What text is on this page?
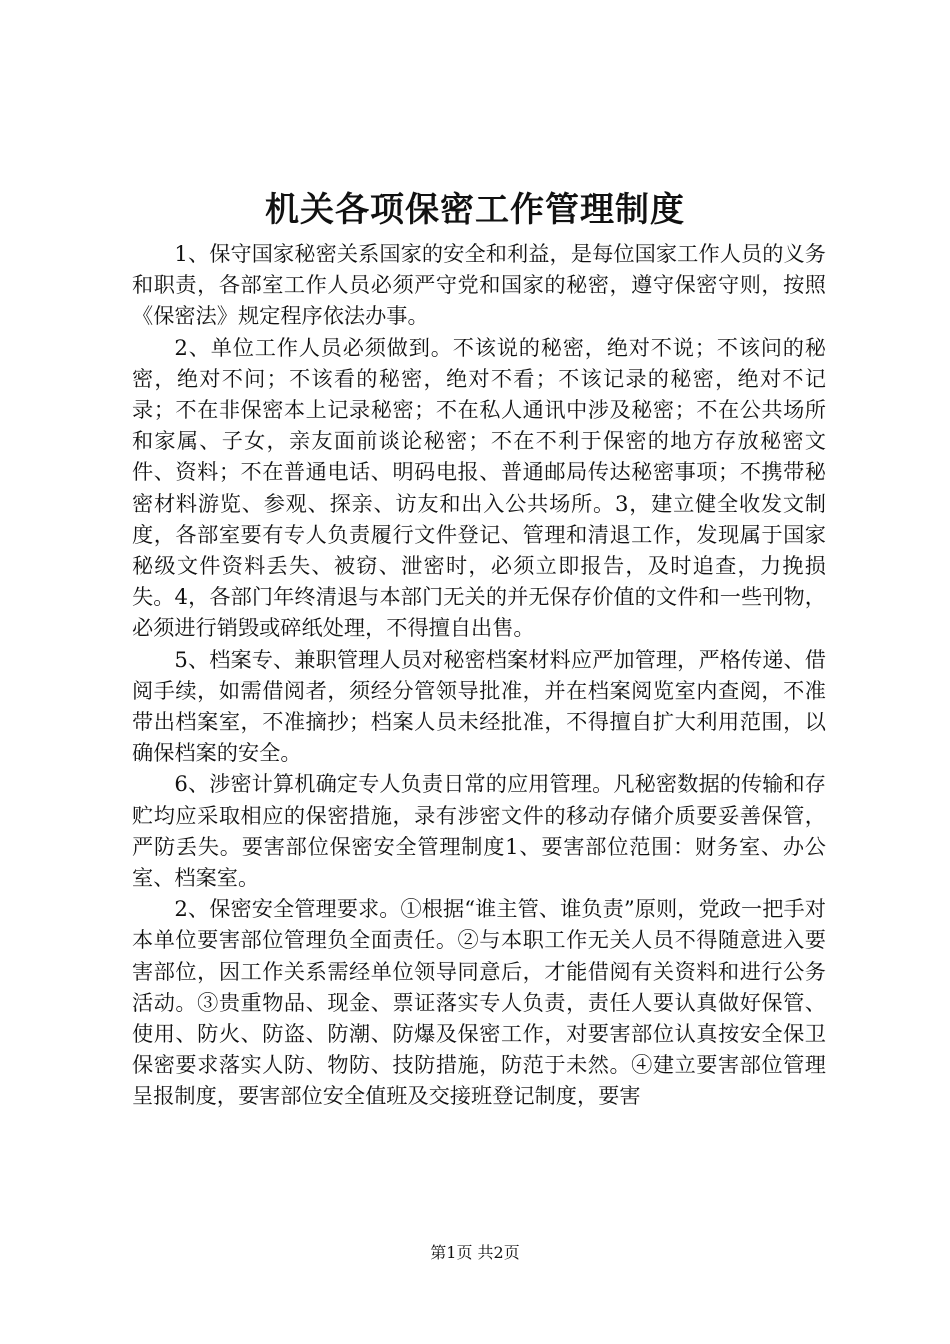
机关各项保密工作管理制度

1、保守国家秘密关系国家的安全和利益，是每位国家工作人员的义务和职责，各部室工作人员必须严守党和国家的秘密，遵守保密守则，按照《保密法》规定程序依法办事。

2、单位工作人员必须做到。不该说的秘密，绝对不说；不该问的秘密，绝对不问；不该看的秘密，绝对不看；不该记录的秘密，绝对不记录；不在非保密本上记录秘密；不在私人通讯中涉及秘密；不在公共场所和家属、子女，亲友面前谈论秘密；不在不利于保密的地方存放秘密文件、资料；不在普通电话、明码电报、普通邮局传达秘密事项；不携带秘密材料游览、参观、探亲、访友和出入公共场所。3，建立健全收发文制度，各部室要有专人负责履行文件登记、管理和清退工作，发现属于国家秘级文件资料丢失、被窃、泄密时，必须立即报告，及时追查，力挽损失。4，各部门年终清退与本部门无关的并无保存价值的文件和一些刊物，必须进行销毁或碎纸处理，不得擅自出售。

5、档案专、兼职管理人员对秘密档案材料应严加管理，严格传递、借阅手续，如需借阅者，须经分管领导批准，并在档案阅览室内查阅，不准带出档案室，不准摘抄；档案人员未经批准，不得擅自扩大利用范围，以确保档案的安全。

6、涉密计算机确定专人负责日常的应用管理。凡秘密数据的传输和存贮均应采取相应的保密措施，录有涉密文件的移动存储介质要妥善保管，严防丢失。要害部位保密安全管理制度1、要害部位范围：财务室、办公室、档案室。

2、保密安全管理要求。①根据“谁主管、谁负责”原则，党政一把手对本单位要害部位管理负全面责任。②与本职工作无关人员不得随意进入要害部位，因工作关系需经单位领导同意后，才能借阅有关资料和进行公务活动。③贵重物品、现金、票证落实专人负责，责任人要认真做好保管、使用、防火、防盗、防潮、防爆及保密工作，对要害部位认真按安全保卫保密要求落实人防、物防、技防措施，防范于未然。④建立要害部位管理呈报制度，要害部位安全值班及交接班登记制度，要害

第1页 共2页
